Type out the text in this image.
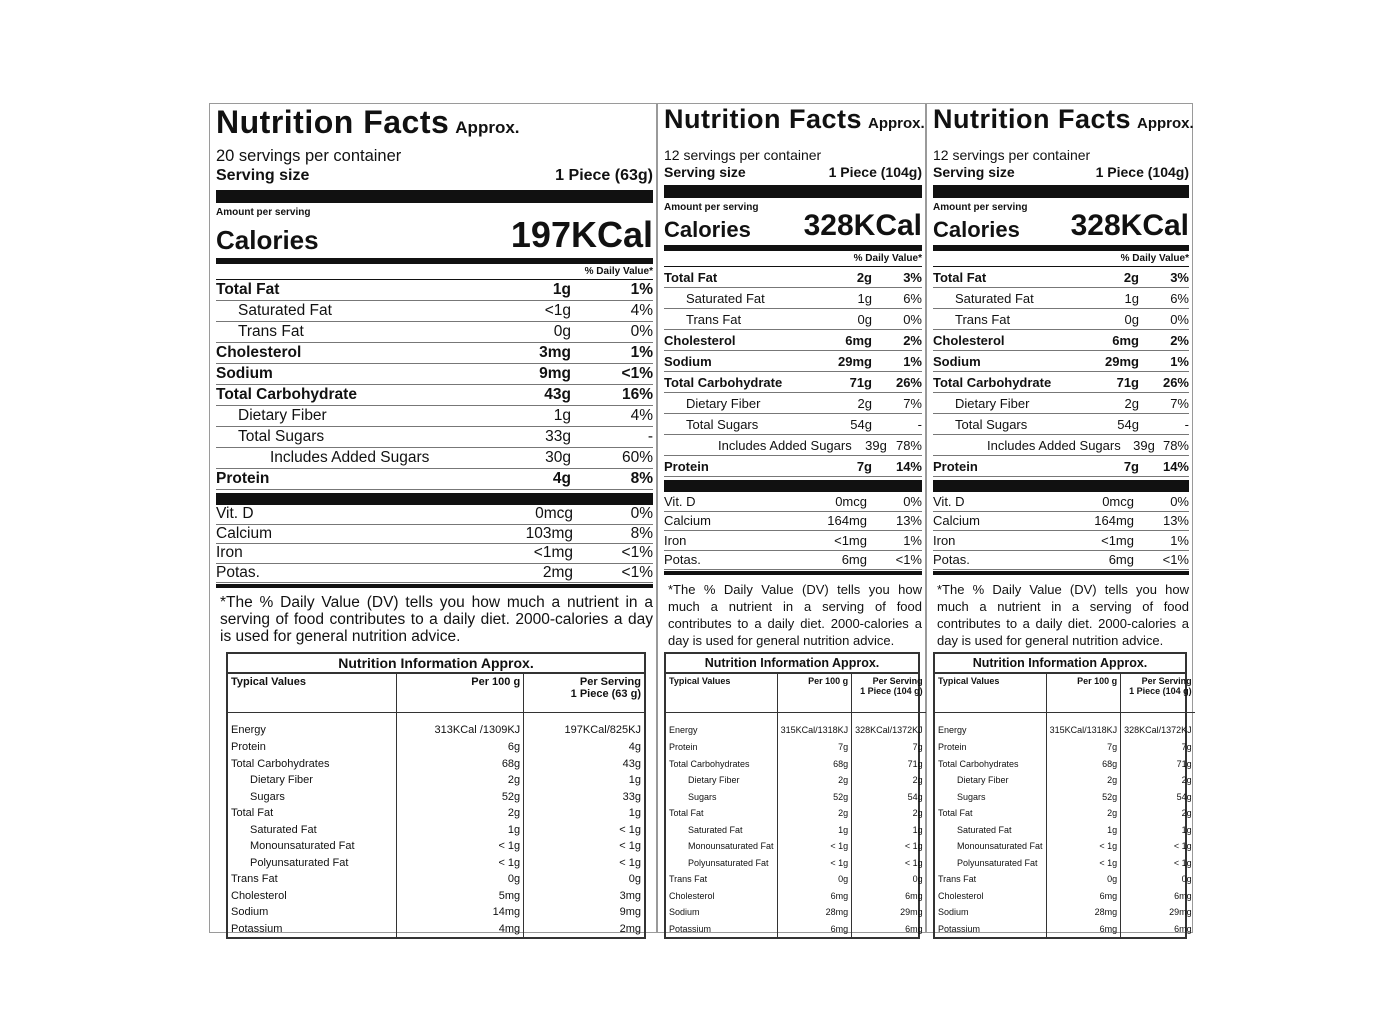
Nutrition Facts Approx.
20 servings per container
Serving size	1 Piece (63g)
Amount per serving
Calories	197KCal
% Daily Value*
Total Fat	1g	1%
Saturated Fat	<1g	4%
Trans Fat	0g	0%
Cholesterol	3mg	1%
Sodium	9mg	<1%
Total Carbohydrate	43g	16%
Dietary Fiber	1g	4%
Total Sugars	33g	-
Includes Added Sugars	30g	60%
Protein	4g	8%
Vit. D	0mcg	0%
Calcium	103mg	8%
Iron	<1mg	<1%
Potas.	2mg	<1%
*The % Daily Value (DV) tells you how much a nutrient in a serving of food contributes to a daily diet. 2000-calories a day is used for general nutrition advice.
Nutrition Information Approx.
Typical Values	Per 100 g	Per Serving
1 Piece (63 g)

Energy	313KCal /1309KJ	197KCal/825KJ
Protein	6g	4g
Total Carbohydrates	68g	43g
Dietary Fiber	2g	1g
Sugars	52g	33g
Total Fat	2g	1g
Saturated Fat	1g	< 1g
Monounsaturated Fat	< 1g	< 1g
Polyunsaturated Fat	< 1g	< 1g
Trans Fat	0g	0g
Cholesterol	5mg	3mg
Sodium	14mg	9mg
Potassium	4mg	2mg
Nutrition Facts Approx.
12 servings per container
Serving size	1 Piece (104g)
Amount per serving
Calories 328KCal
% Daily Value*
Total Fat	2g	3%
Saturated Fat	1g	6%
Trans Fat	0g	0%
Cholesterol	6mg	2%
Sodium	29mg	1%
Total Carbohydrate	71g	26%
Dietary Fiber	2g	7%
Total Sugars	54g	-
Includes Added Sugars	39g 78%
Protein	7g	14%
Vit. D	0mcg	0%
Calcium	164mg	13%
Iron	<1mg	1%
Potas.	6mg	<1%
*The % Daily Value (DV) tells you how much a nutrient in a serving of food contributes to a daily diet. 2000-calories a day is used for general nutrition advice.
Nutrition Information Approx.
Typical Values	Per 100 g	Per Serving
1 Piece (104 g)

Energy	315KCal/1318KJ	328KCal/1372KJ
Protein	7g	7g
Total Carbohydrates	68g	71g
Dietary Fiber	2g	2g
Sugars	52g	54g
Total Fat	2g	2g
Saturated Fat	1g	1g
Monounsaturated Fat	< 1g	< 1g
Polyunsaturated Fat	< 1g	< 1g
Trans Fat	0g	0g
Cholesterol	6mg	6mg
Sodium	28mg	29mg
Potassium	6mg	6mg
Nutrition Facts Approx.
12 servings per container
Serving size	1 Piece (104g)
Amount per serving
Calories 328KCal
% Daily Value*
Total Fat	2g	3%
Saturated Fat	1g	6%
Trans Fat	0g	0%
Cholesterol	6mg	2%
Sodium	29mg	1%
Total Carbohydrate	71g	26%
Dietary Fiber	2g	7%
Total Sugars	54g	-
Includes Added Sugars 39g 78%
Protein	7g	14%
Vit. D	0mcg	0%
Calcium	164mg	13%
Iron	<1mg	1%
Potas.	6mg	<1%
*The % Daily Value (DV) tells you how much a nutrient in a serving of food contributes to a daily diet. 2000-calories a day is used for general nutrition advice.
Nutrition Information Approx.
Typical Values	Per 100 g	Per Serving
1 Piece (104 g)

Energy	315KCal/1318KJ	328KCal/1372KJ
Protein	7g	7g
Total Carbohydrates	68g	71g
Dietary Fiber	2g	2g
Sugars	52g	54g
Total Fat	2g	2g
Saturated Fat	1g	1g
Monounsaturated Fat	< 1g	< 1g
Polyunsaturated Fat	< 1g	< 1g
Trans Fat	0g	0g
Cholesterol	6mg	6mg
Sodium	28mg	29mg
Potassium	6mg	6mg
